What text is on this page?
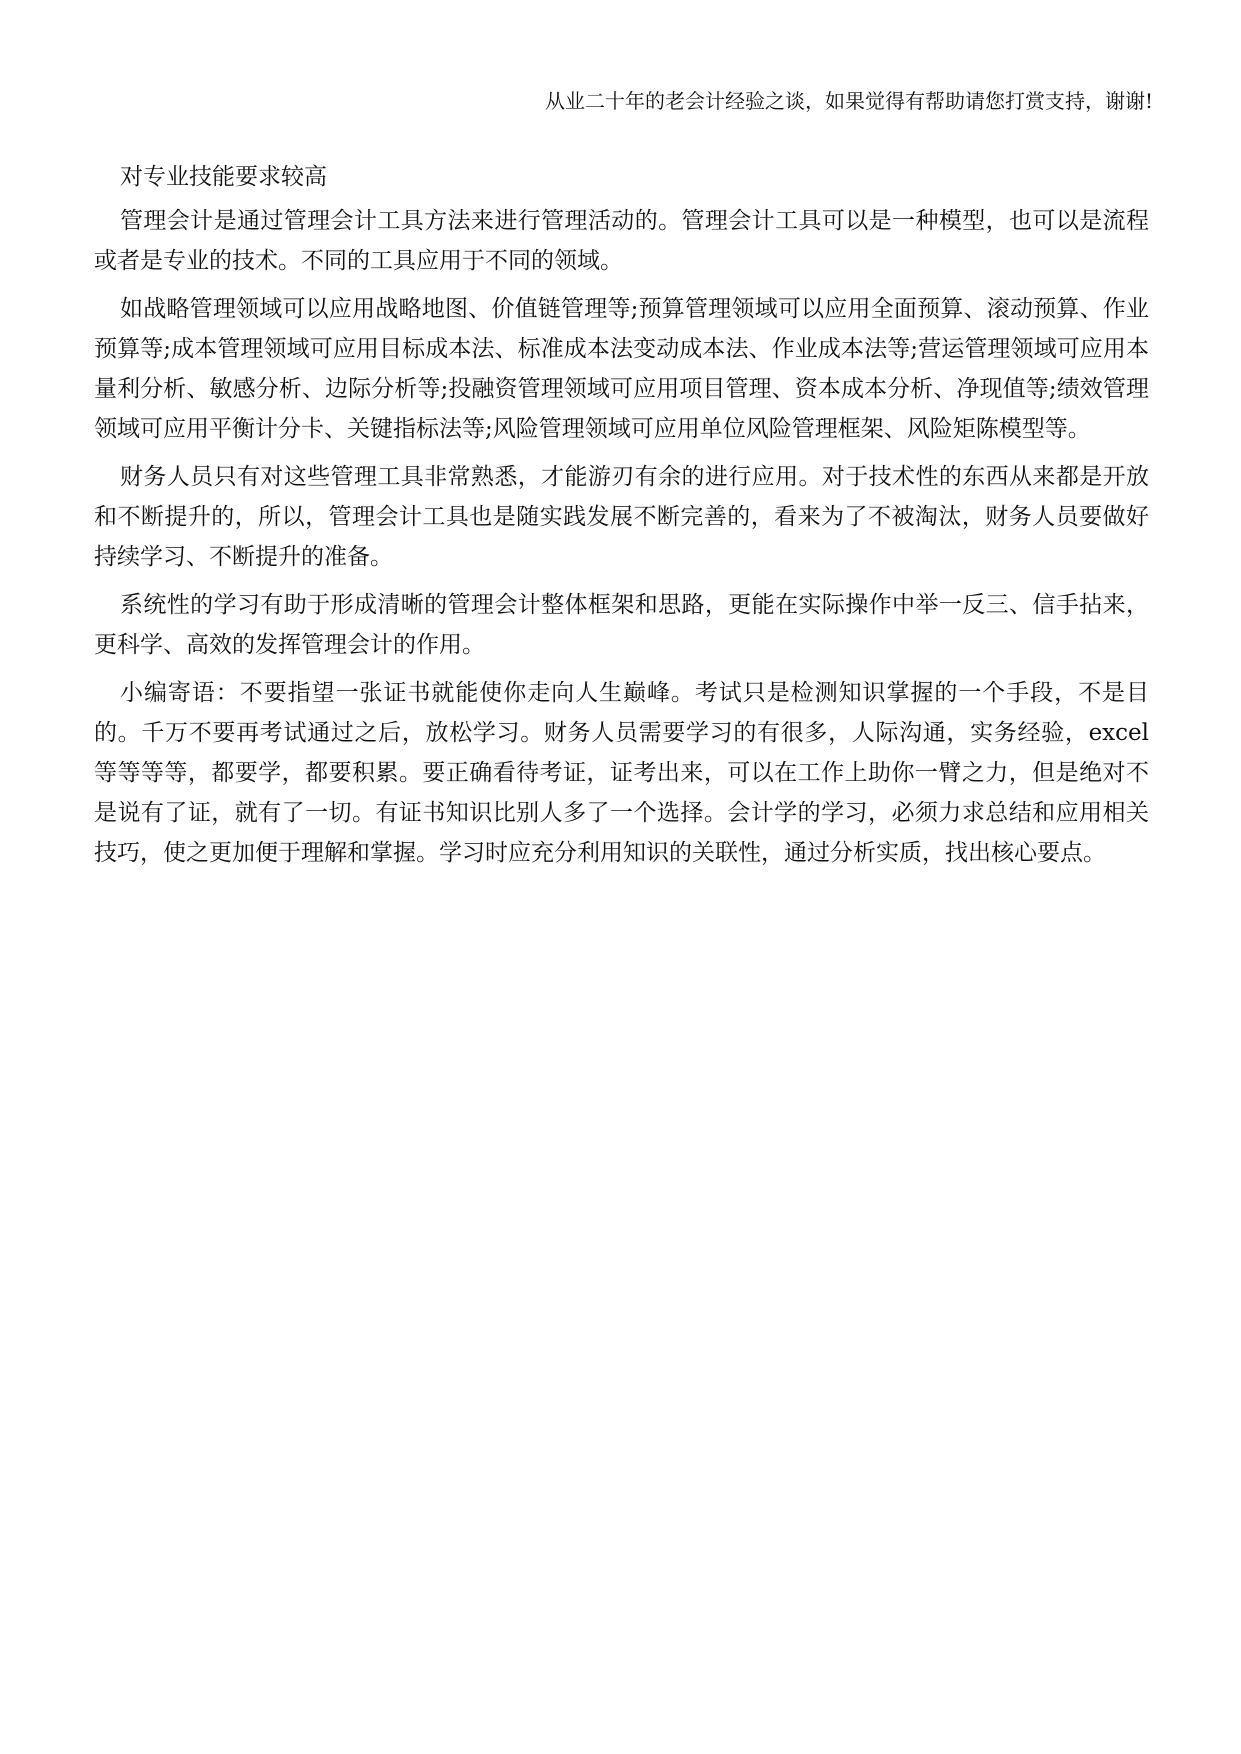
从业二十年的老会计经验之谈，如果觉得有帮助请您打赏支持，谢谢!

对专业技能要求较高

管理会计是通过管理会计工具方法来进行管理活动的。管理会计工具可以是一种模型，也可以是流程或者是专业的技术。不同的工具应用于不同的领域。

如战略管理领域可以应用战略地图、价值链管理等;预算管理领域可以应用全面预算、滚动预算、作业预算等;成本管理领域可应用目标成本法、标准成本法变动成本法、作业成本法等;营运管理领域可应用本量利分析、敏感分析、边际分析等;投融资管理领域可应用项目管理、资本成本分析、净现值等;绩效管理领域可应用平衡计分卡、关键指标法等;风险管理领域可应用单位风险管理框架、风险矩陈模型等。

财务人员只有对这些管理工具非常熟悉，才能游刃有余的进行应用。对于技术性的东西从来都是开放和不断提升的，所以，管理会计工具也是随实践发展不断完善的，看来为了不被淘汰，财务人员要做好持续学习、不断提升的准备。

系统性的学习有助于形成清晰的管理会计整体框架和思路，更能在实际操作中举一反三、信手拈来，更科学、高效的发挥管理会计的作用。

小编寄语：不要指望一张证书就能使你走向人生巅峰。考试只是检测知识掌握的一个手段，不是目的。千万不要再考试通过之后，放松学习。财务人员需要学习的有很多，人际沟通，实务经验，excel 等等等等，都要学，都要积累。要正确看待考证，证考出来，可以在工作上助你一臂之力，但是绝对不是说有了证，就有了一切。有证书知识比别人多了一个选择。会计学的学习，必须力求总结和应用相关技巧，使之更加便于理解和掌握。学习时应充分利用知识的关联性，通过分析实质，找出核心要点。
